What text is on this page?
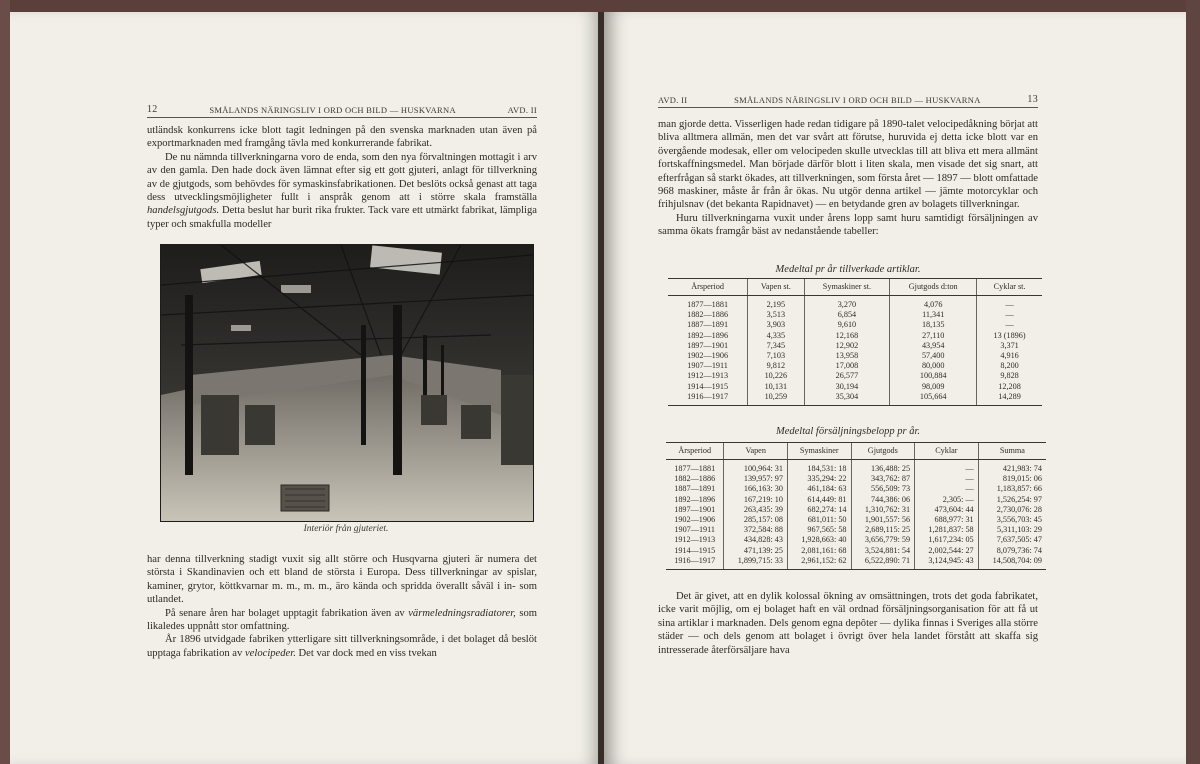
12	SMÅLANDS NÄRINGSLIV I ORD OCH BILD — HUSKVARNA	AVD. II

utländsk konkurrens icke blott tagit ledningen på den svenska marknaden utan även på exportmarknaden med framgång tävla med konkurrerande fabrikat.

De nu nämnda tillverkningarna voro de enda, som den nya förvaltningen mottagit i arv av den gamla. Den hade dock även lämnat efter sig ett gott gjuteri, anlagt för tillverkning av de gjutgods, som behövdes för symaskinsfabrikationen. Det beslöts också genast att taga dess utvecklingsmöjligheter fullt i anspråk genom att i större skala framställa handelsgjutgods. Detta beslut har burit rika frukter. Tack vare ett utmärkt fabrikat, lämpliga typer och smakfulla modeller

Interiör från gjuteriet.

har denna tillverkning stadigt vuxit sig allt större och Husqvarna gjuteri är numera det största i Skandinavien och ett bland de största i Europa. Dess tillverkningar av spislar, kaminer, grytor, köttkvarnar m. m., m. m., äro kända och spridda överallt såväl i in- som utlandet.

På senare åren har bolaget upptagit fabrikation även av värmeledningsradiatorer, som likaledes uppnått stor omfattning.

År 1896 utvidgade fabriken ytterligare sitt tillverkningsområde, i det bolaget då beslöt upptaga fabrikation av velocipeder. Det var dock med en viss tvekan

AVD. II	SMÅLANDS NÄRINGSLIV I ORD OCH BILD — HUSKVARNA	13

man gjorde detta. Visserligen hade redan tidigare på 1890-talet velocipedåkning börjat att bliva alltmera allmän, men det var svårt att förutse, huruvida ej detta icke blott var en övergående modesak, eller om velocipeden skulle utvecklas till att bliva ett mera allmänt fortskaffningsmedel. Man började därför blott i liten skala, men visade det sig snart, att efterfrågan så starkt ökades, att tillverkningen, som första året — 1897 — blott omfattade 968 maskiner, måste år från år ökas. Nu utgör denna artikel — jämte motorcyklar och frihjulsnav (det bekanta Rapidnavet) — en betydande gren av bolagets tillverkningar.

Huru tillverkningarna vuxit under årens lopp samt huru samtidigt försäljningen av samma ökats framgår bäst av nedanstående tabeller:

Medeltal pr år tillverkade artiklar.
Årsperiod	Vapen st.	Symaskiner st.	Gjutgods d:ton	Cyklar st.
1877—1881	2,195	3,270	4,076	—
1882—1886	3,513	6,854	11,341	—
1887—1891	3,903	9,610	18,135	—
1892—1896	4,335	12,168	27,110	13 (1896)
1897—1901	7,345	12,902	43,954	3,371
1902—1906	7,103	13,958	57,400	4,916
1907—1911	9,812	17,008	80,000	8,200
1912—1913	10,226	26,577	100,884	9,828
1914—1915	10,131	30,194	98,009	12,208
1916—1917	10,259	35,304	105,664	14,289
Medeltal försäljningsbelopp pr år.
Årsperiod	Vapen	Symaskiner	Gjutgods	Cyklar	Summa
1877—1881	100,964: 31	184,531: 18	136,488: 25	—	421,983: 74
1882—1886	139,957: 97	335,294: 22	343,762: 87	—	819,015: 06
1887—1891	166,163: 30	461,184: 63	556,509: 73	—	1,183,857: 66
1892—1896	167,219: 10	614,449: 81	744,386: 06	2,305: —	1,526,254: 97
1897—1901	263,435: 39	682,274: 14	1,310,762: 31	473,604: 44	2,730,076: 28
1902—1906	285,157: 08	681,011: 50	1,901,557: 56	688,977: 31	3,556,703: 45
1907—1911	372,584: 88	967,565: 58	2,689,115: 25	1,281,837: 58	5,311,103: 29
1912—1913	434,828: 43	1,928,663: 40	3,656,779: 59	1,617,234: 05	7,637,505: 47
1914—1915	471,139: 25	2,081,161: 68	3,524,881: 54	2,002,544: 27	8,079,736: 74
1916—1917	1,899,715: 33	2,961,152: 62	6,522,890: 71	3,124,945: 43	14,508,704: 09

Det är givet, att en dylik kolossal ökning av omsättningen, trots det goda fabrikatet, icke varit möjlig, om ej bolaget haft en väl ordnad försäljningsorganisation för att få ut sina artiklar i marknaden. Dels genom egna depôter — dylika finnas i Sveriges alla större städer — och dels genom att bolaget i övrigt över hela landet förstått att skaffa sig intresserade återförsäljare hava
